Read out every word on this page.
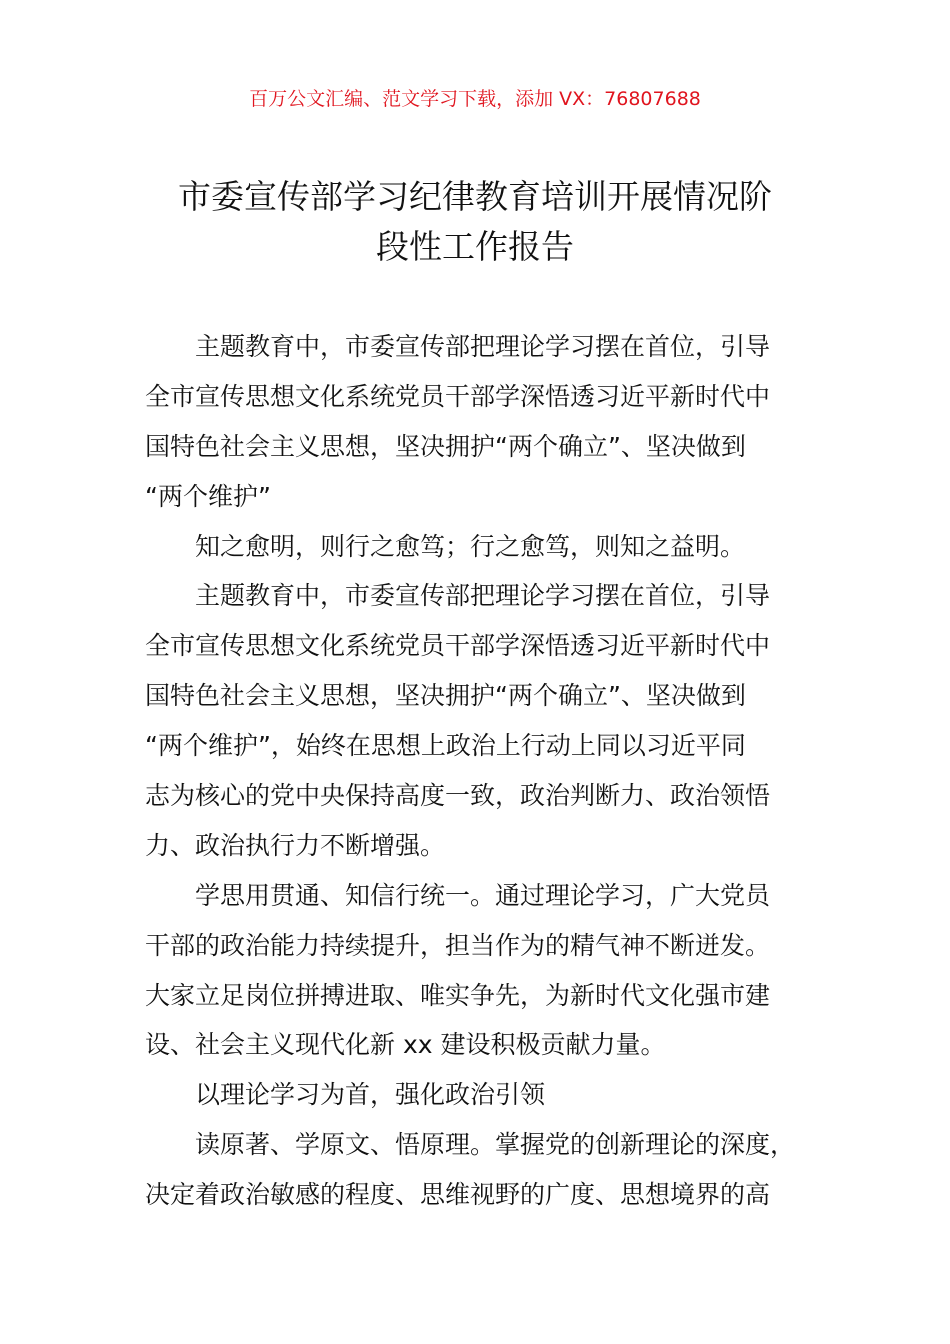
百万公文汇编、范文学习下载，添加 VX：76807688
市委宣传部学习纪律教育培训开展情况阶
段性工作报告
主题教育中，市委宣传部把理论学习摆在首位，引导
全市宣传思想文化系统党员干部学深悟透习近平新时代中
国特色社会主义思想，坚决拥护“两个确立”、坚决做到
“两个维护”
知之愈明，则行之愈笃；行之愈笃，则知之益明。
主题教育中，市委宣传部把理论学习摆在首位，引导
全市宣传思想文化系统党员干部学深悟透习近平新时代中
国特色社会主义思想，坚决拥护“两个确立”、坚决做到
“两个维护”，始终在思想上政治上行动上同以习近平同
志为核心的党中央保持高度一致，政治判断力、政治领悟
力、政治执行力不断增强。
学思用贯通、知信行统一。通过理论学习，广大党员
干部的政治能力持续提升，担当作为的精气神不断迸发。
大家立足岗位拼搏进取、唯实争先，为新时代文化强市建
设、社会主义现代化新 xx 建设积极贡献力量。
以理论学习为首，强化政治引领
读原著、学原文、悟原理。掌握党的创新理论的深度，
决定着政治敏感的程度、思维视野的广度、思想境界的高
